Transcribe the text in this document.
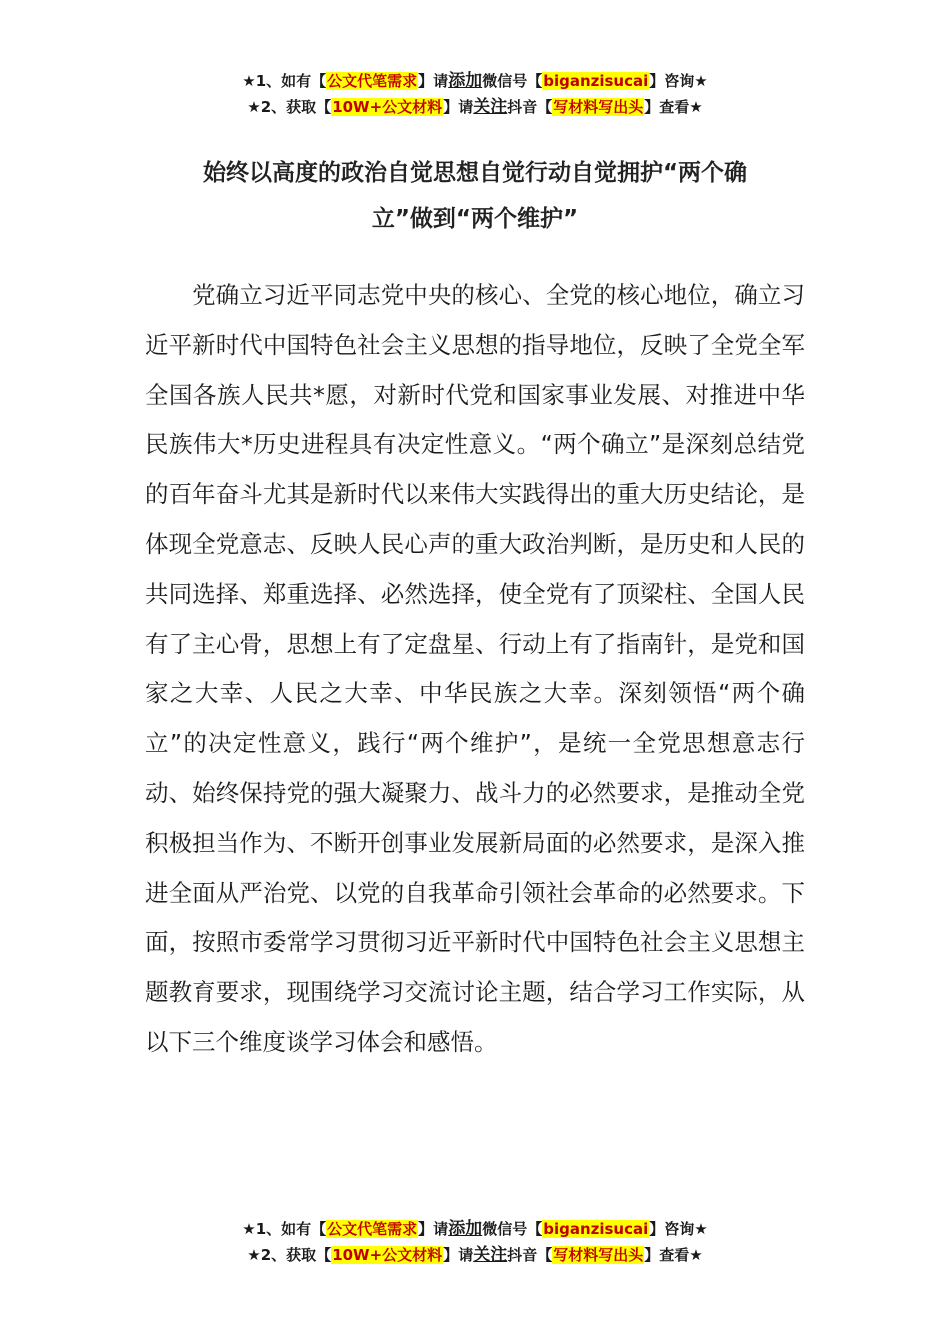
★1、如有【公文代笔需求】请添加微信号【biganzisucai】咨询★
★2、获取【10W+公文材料】请关注抖音【写材料写出头】查看★
始终以高度的政治自觉思想自觉行动自觉拥护“两个确
立”做到“两个维护”

党确立习近平同志党中央的核心、全党的核心地位，确立习近平新时代中国特色社会主义思想的指导地位，反映了全党全军全国各族人民共*愿，对新时代党和国家事业发展、对推进中华民族伟大*历史进程具有决定性意义。“两个确立”是深刻总结党的百年奋斗尤其是新时代以来伟大实践得出的重大历史结论，是体现全党意志、反映人民心声的重大政治判断，是历史和人民的共同选择、郑重选择、必然选择，使全党有了顶梁柱、全国人民有了主心骨，思想上有了定盘星、行动上有了指南针，是党和国家之大幸、人民之大幸、中华民族之大幸。深刻领悟“两个确立”的决定性意义，践行“两个维护”，是统一全党思想意志行动、始终保持党的强大凝聚力、战斗力的必然要求，是推动全党积极担当作为、不断开创事业发展新局面的必然要求，是深入推进全面从严治党、以党的自我革命引领社会革命的必然要求。下面，按照市委常学习贯彻习近平新时代中国特色社会主义思想主题教育要求，现围绕学习交流讨论主题，结合学习工作实际，从以下三个维度谈学习体会和感悟。

★1、如有【公文代笔需求】请添加微信号【biganzisucai】咨询★
★2、获取【10W+公文材料】请关注抖音【写材料写出头】查看★
